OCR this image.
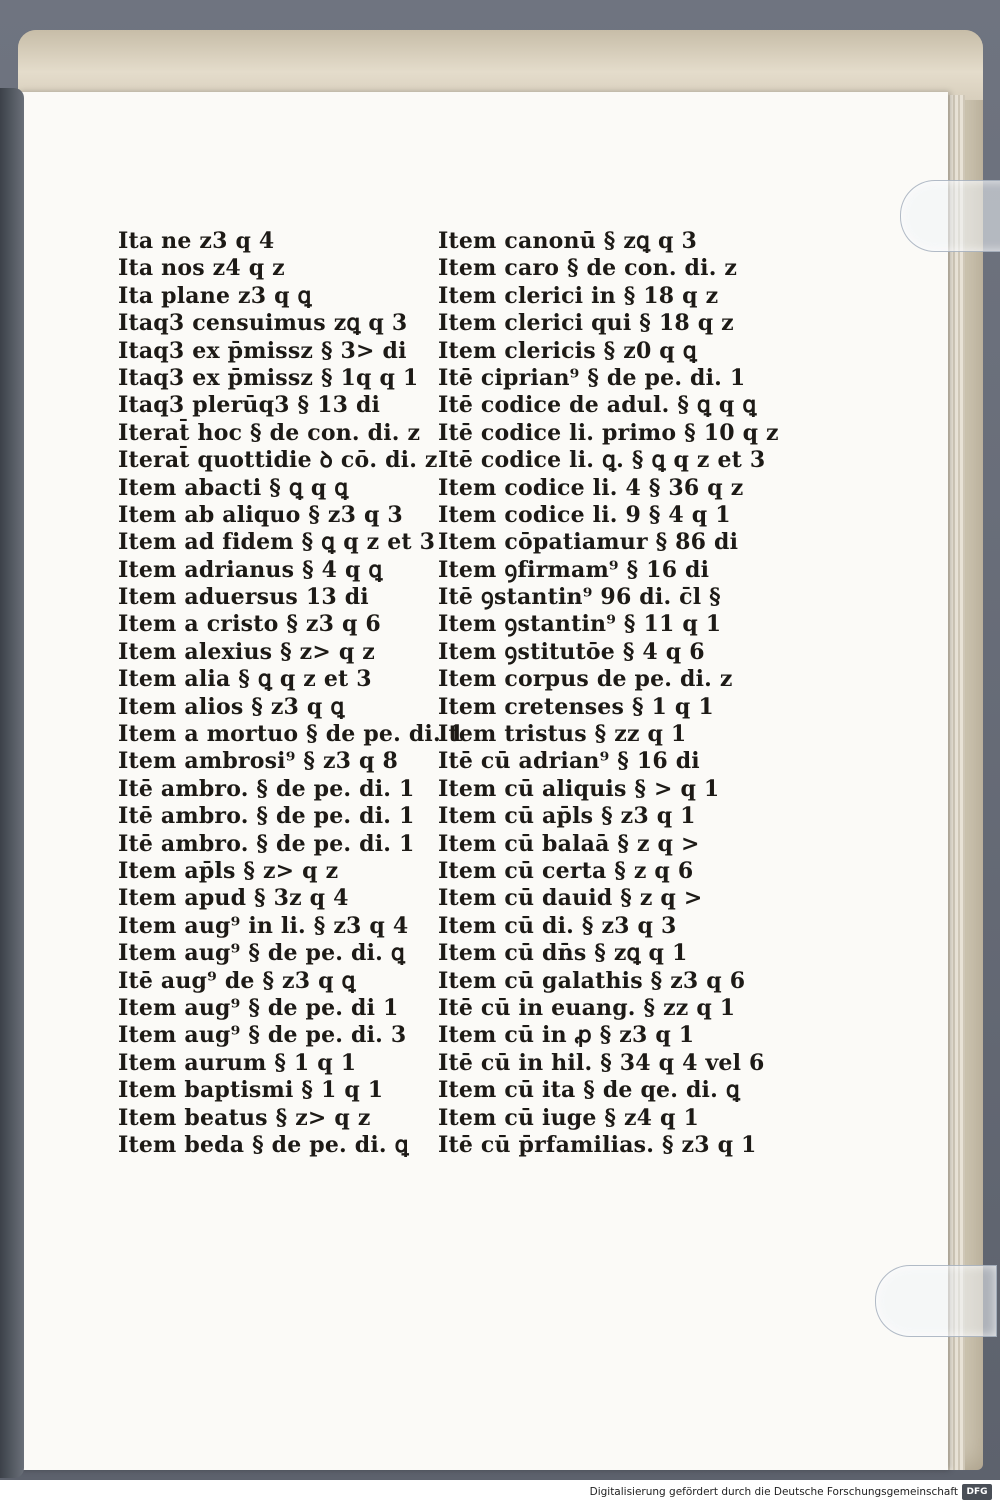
Ita ne z3 q 4
Ita nos z4 q z
Ita plane z3 q ꝗ
Itaq3 censuimus zꝗ q 3
Itaq3 ex p̄missz § 3> di
Itaq3 ex p̄missz § 1q q 1
Itaq3 plerūq3 § 13 di
Iterat̄ hoc § de con. di. z
Iterat̄ quottidie ꝺ cō. di. z
Item abacti § ꝗ q ꝗ
Item ab aliquo § z3 q 3
Item ad fidem § ꝗ q z et 3
Item adrianus § 4 q ꝗ
Item aduersus 13 di
Item a cristo § z3 q 6
Item alexius § z> q z
Item alia § ꝗ q z et 3
Item alios § z3 q ꝗ
Item a mortuo § de pe. di. 1
Item ambrosi⁹ § z3 q 8
Itē ambro. § de pe. di. 1
Itē ambro. § de pe. di. 1
Itē ambro. § de pe. di. 1
Item ap̄ls § z> q z
Item apud § 3z q 4
Item aug⁹ in li. § z3 q 4
Item aug⁹ § de pe. di. ꝗ
Itē aug⁹ de § z3 q ꝗ
Item aug⁹ § de pe. di 1
Item aug⁹ § de pe. di. 3
Item aurum § 1 q 1
Item baptismi § 1 q 1
Item beatus § z> q z
Item beda § de pe. di. ꝗ
Item canonū § zꝗ q 3
Item caro § de con. di. z
Item clerici in § 18 q z
Item clerici qui § 18 q z
Item clericis § z0 q ꝗ
Itē ciprian⁹ § de pe. di. 1
Itē codice de adul. § ꝗ q ꝗ
Itē codice li. primo § 10 q z
Itē codice li. ꝗ. § ꝗ q z et 3
Item codice li. 4 § 36 q z
Item codice li. 9 § 4 q 1
Item cōpatiamur § 86 di
Item ꝯfirmam⁹ § 16 di
Itē ꝯstantin⁹ 96 di. c̄l §
Item ꝯstantin⁹ § 11 q 1
Item ꝯstitutōe § 4 q 6
Item corpus de pe. di. z
Item cretenses § 1 q 1
Item tristus § zz q 1
Itē cū adrian⁹ § 16 di
Item cū aliquis § > q 1
Item cū ap̄ls § z3 q 1
Item cū balaā § z q >
Item cū certa § z q 6
Item cū dauid § z q >
Item cū di. § z3 q 3
Item cū dn̄s § zꝗ q 1
Item cū galathis § z3 q 6
Itē cū in euang. § zz q 1
Item cū in ꝓ § z3 q 1
Itē cū in hil. § 34 q 4 vel 6
Item cū ita § de qe. di. ꝗ
Item cū iuge § z4 q 1
Itē cū p̄rfamilias. § z3 q 1
Digitalisierung gefördert durch die Deutsche Forschungsgemeinschaft DFG
